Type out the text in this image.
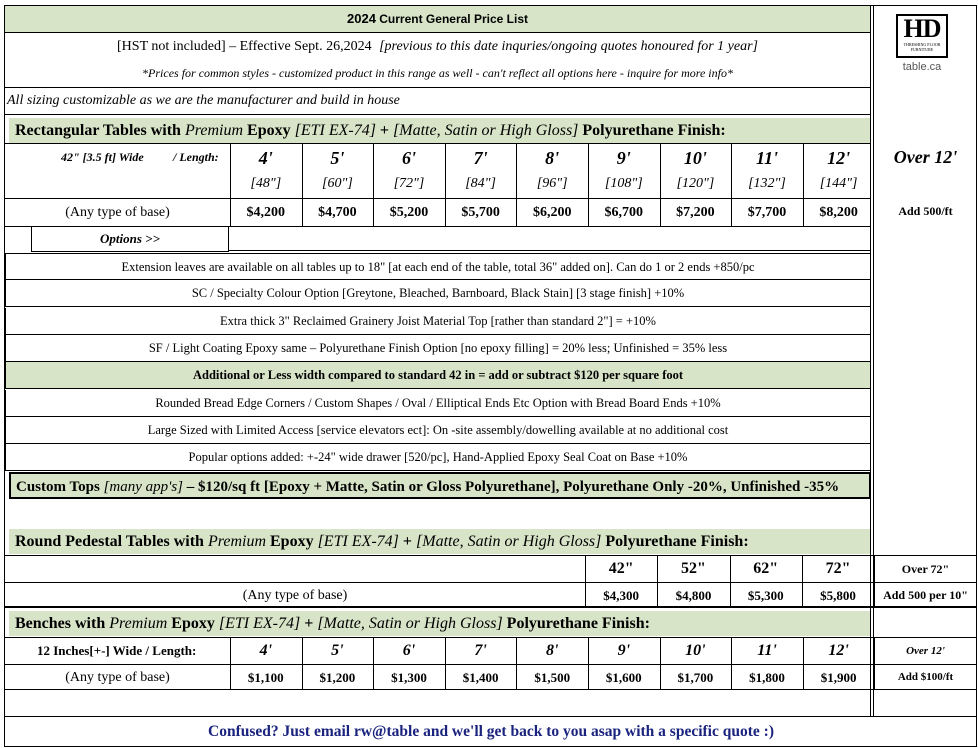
2024 Current General Price List	HD
THRESHING FLOOR FURNITURE
table.ca
[HST not included] – Effective Sept. 26,2024 [previous to this date inquries/ongoing quotes honoured for 1 year]
*Prices for common styles - customized product in this range as well - can't reflect all options here - inquire for more info*
All sizing customizable as we are the manufacturer and build in house
Rectangular Tables with Premium Epoxy [ETI EX-74] + [Matte, Satin or High Gloss] Polyurethane Finish:
42" [3.5 ft] Wide / Length:	4'
[48"]
$4,200
5'
[60"]
$4,700
6'
[72"]
$5,200
7'
[84"]
$5,700
8'
[96"]
$6,200
9'
[108"]
$6,700
10'
[120"]
$7,200
11'
[132"]
$7,700
12'
[144"]
$8,200
(Any type of base)
Options >>
Over 12'
Add 500/ft
Extension leaves are available on all tables up to 18" [at each end of the table, total 36" added on]. Can do 1 or 2 ends +850/pc
SC / Specialty Colour Option [Greytone, Bleached, Barnboard, Black Stain] [3 stage finish] +10%
Extra thick 3" Reclaimed Grainery Joist Material Top [rather than standard 2"] = +10%
SF / Light Coating Epoxy same – Polyurethane Finish Option [no epoxy filling] = 20% less; Unfinished = 35% less
Additional or Less width compared to standard 42 in = add or subtract $120 per square foot
Rounded Bread Edge Corners / Custom Shapes / Oval / Elliptical Ends Etc Option with Bread Board Ends +10%
Large Sized with Limited Access [service elevators ect]: On -site assembly/dowelling available at no additional cost
Popular options added: +-24" wide drawer [520/pc], Hand-Applied Epoxy Seal Coat on Base +10%
Custom Tops [many app's] – $120/sq ft [Epoxy + Matte, Satin or Gloss Polyurethane], Polyurethane Only -20%, Unfinished -35%
Round Pedestal Tables with Premium Epoxy [ETI EX-74] + [Matte, Satin or High Gloss] Polyurethane Finish:
(Any type of base)
42"
$4,300
52"
$4,800
62"
$5,300
72"
$5,800
Over 72"
Add 500 per 10"
Benches with Premium Epoxy [ETI EX-74] + [Matte, Satin or High Gloss] Polyurethane Finish:
12 Inches[+-] Wide / Length:
(Any type of base)
4'
$1,100
5'
$1,200
6'
$1,300
7'
$1,400
8'
$1,500
9'
$1,600
10'
$1,700
11'
$1,800
12'
$1,900
Over 12'
Add $100/ft
Confused? Just email rw@table and we'll get back to you asap with a specific quote :)
